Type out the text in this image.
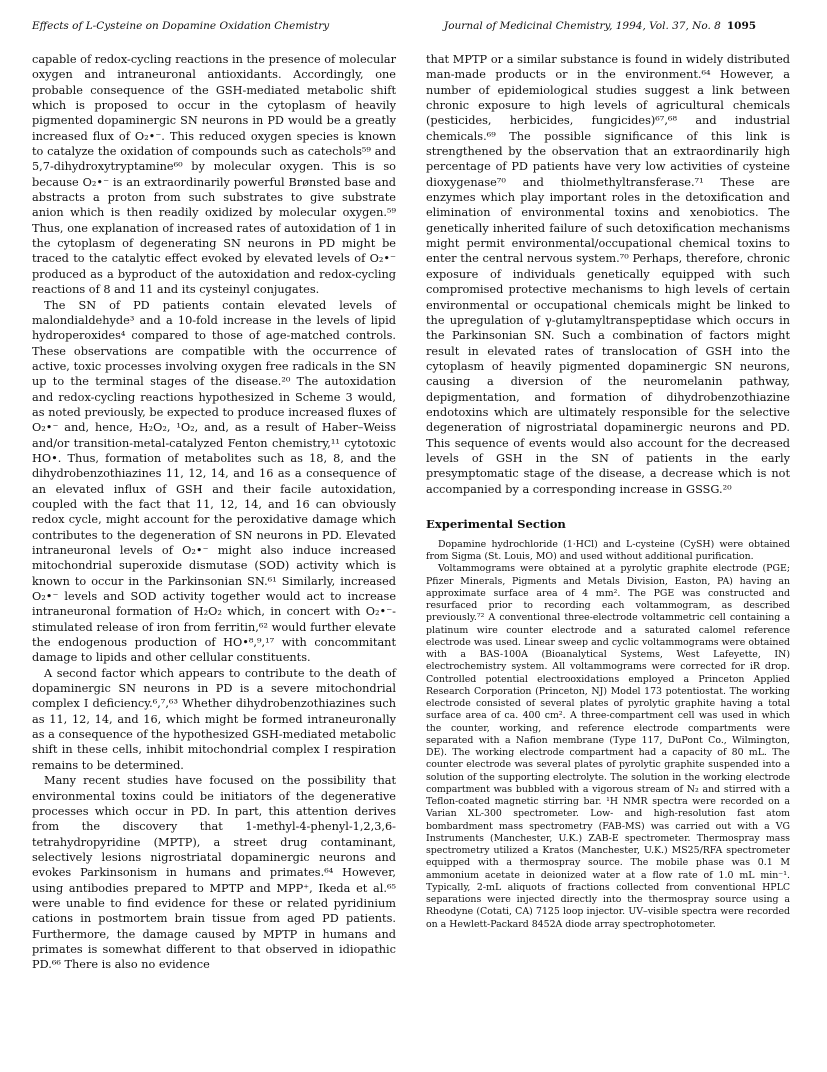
Effects of L-Cysteine on Dopamine Oxidation Chemistry	Journal of Medicinal Chemistry, 1994, Vol. 37, No. 8 1095

capable of redox-cycling reactions in the presence of molecular oxygen and intraneuronal antioxidants. Accordingly, one probable consequence of the GSH-mediated metabolic shift which is proposed to occur in the cytoplasm of heavily pigmented dopaminergic SN neurons in PD would be a greatly increased flux of O₂•⁻. This reduced oxygen species is known to catalyze the oxidation of compounds such as catechols⁵⁹ and 5,7-dihydroxytryptamine⁶⁰ by molecular oxygen. This is so because O₂•⁻ is an extraordinarily powerful Brønsted base and abstracts a proton from such substrates to give substrate anion which is then readily oxidized by molecular oxygen.⁵⁹ Thus, one explanation of increased rates of autoxidation of 1 in the cytoplasm of degenerating SN neurons in PD might be traced to the catalytic effect evoked by elevated levels of O₂•⁻ produced as a byproduct of the autoxidation and redox-cycling reactions of 8 and 11 and its cysteinyl conjugates.

The SN of PD patients contain elevated levels of malondialdehyde³ and a 10-fold increase in the levels of lipid hydroperoxides⁴ compared to those of age-matched controls. These observations are compatible with the occurrence of active, toxic processes involving oxygen free radicals in the SN up to the terminal stages of the disease.²⁰ The autoxidation and redox-cycling reactions hypothesized in Scheme 3 would, as noted previously, be expected to produce increased fluxes of O₂•⁻ and, hence, H₂O₂, ¹O₂, and, as a result of Haber–Weiss and/or transition-metal-catalyzed Fenton chemistry,¹¹ cytotoxic HO•. Thus, formation of metabolites such as 18, 8, and the dihydrobenzothiazines 11, 12, 14, and 16 as a consequence of an elevated influx of GSH and their facile autoxidation, coupled with the fact that 11, 12, 14, and 16 can obviously redox cycle, might account for the peroxidative damage which contributes to the degeneration of SN neurons in PD. Elevated intraneuronal levels of O₂•⁻ might also induce increased mitochondrial superoxide dismutase (SOD) activity which is known to occur in the Parkinsonian SN.⁶¹ Similarly, increased O₂•⁻ levels and SOD activity together would act to increase intraneuronal formation of H₂O₂ which, in concert with O₂•⁻-stimulated release of iron from ferritin,⁶² would further elevate the endogenous production of HO•⁸,⁹,¹⁷ with concommitant damage to lipids and other cellular constituents.

A second factor which appears to contribute to the death of dopaminergic SN neurons in PD is a severe mitochondrial complex I deficiency.⁶,⁷,⁶³ Whether dihydrobenzothiazines such as 11, 12, 14, and 16, which might be formed intraneuronally as a consequence of the hypothesized GSH-mediated metabolic shift in these cells, inhibit mitochondrial complex I respiration remains to be determined.

Many recent studies have focused on the possibility that environmental toxins could be initiators of the degenerative processes which occur in PD. In part, this attention derives from the discovery that 1-methyl-4-phenyl-1,2,3,6-tetrahydropyridine (MPTP), a street drug contaminant, selectively lesions nigrostriatal dopaminergic neurons and evokes Parkinsonism in humans and primates.⁶⁴ However, using antibodies prepared to MPTP and MPP⁺, Ikeda et al.⁶⁵ were unable to find evidence for these or related pyridinium cations in postmortem brain tissue from aged PD patients. Furthermore, the damage caused by MPTP in humans and primates is somewhat different to that observed in idiopathic PD.⁶⁶ There is also no evidence

that MPTP or a similar substance is found in widely distributed man-made products or in the environment.⁶⁴ However, a number of epidemiological studies suggest a link between chronic exposure to high levels of agricultural chemicals (pesticides, herbicides, fungicides)⁶⁷,⁶⁸ and industrial chemicals.⁶⁹ The possible significance of this link is strengthened by the observation that an extraordinarily high percentage of PD patients have very low activities of cysteine dioxygenase⁷⁰ and thiolmethyltransferase.⁷¹ These are enzymes which play important roles in the detoxification and elimination of environmental toxins and xenobiotics. The genetically inherited failure of such detoxification mechanisms might permit environmental/occupational chemical toxins to enter the central nervous system.⁷⁰ Perhaps, therefore, chronic exposure of individuals genetically equipped with such compromised protective mechanisms to high levels of certain environmental or occupational chemicals might be linked to the upregulation of γ-glutamyltranspeptidase which occurs in the Parkinsonian SN. Such a combination of factors might result in elevated rates of translocation of GSH into the cytoplasm of heavily pigmented dopaminergic SN neurons, causing a diversion of the neuromelanin pathway, depigmentation, and formation of dihydrobenzothiazine endotoxins which are ultimately responsible for the selective degeneration of nigrostriatal dopaminergic neurons and PD. This sequence of events would also account for the decreased levels of GSH in the SN of patients in the early presymptomatic stage of the disease, a decrease which is not accompanied by a corresponding increase in GSSG.²⁰

Experimental Section

Dopamine hydrochloride (1·HCl) and L-cysteine (CySH) were obtained from Sigma (St. Louis, MO) and used without additional purification.

Voltammograms were obtained at a pyrolytic graphite electrode (PGE; Pfizer Minerals, Pigments and Metals Division, Easton, PA) having an approximate surface area of 4 mm². The PGE was constructed and resurfaced prior to recording each voltammogram, as described previously.⁷² A conventional three-electrode voltammetric cell containing a platinum wire counter electrode and a saturated calomel reference electrode was used. Linear sweep and cyclic voltammograms were obtained with a BAS-100A (Bioanalytical Systems, West Lafeyette, IN) electrochemistry system. All voltammograms were corrected for iR drop. Controlled potential electrooxidations employed a Princeton Applied Research Corporation (Princeton, NJ) Model 173 potentiostat. The working electrode consisted of several plates of pyrolytic graphite having a total surface area of ca. 400 cm². A three-compartment cell was used in which the counter, working, and reference electrode compartments were separated with a Nafion membrane (Type 117, DuPont Co., Wilmington, DE). The working electrode compartment had a capacity of 80 mL. The counter electrode was several plates of pyrolytic graphite suspended into a solution of the supporting electrolyte. The solution in the working electrode compartment was bubbled with a vigorous stream of N₂ and stirred with a Teflon-coated magnetic stirring bar. ¹H NMR spectra were recorded on a Varian XL-300 spectrometer. Low- and high-resolution fast atom bombardment mass spectrometry (FAB-MS) was carried out with a VG Instruments (Manchester, U.K.) ZAB-E spectrometer. Thermospray mass spectrometry utilized a Kratos (Manchester, U.K.) MS25/RFA spectrometer equipped with a thermospray source. The mobile phase was 0.1 M ammonium acetate in deionized water at a flow rate of 1.0 mL min⁻¹. Typically, 2-mL aliquots of fractions collected from conventional HPLC separations were injected directly into the thermospray source using a Rheodyne (Cotati, CA) 7125 loop injector. UV–visible spectra were recorded on a Hewlett-Packard 8452A diode array spectrophotometer.
